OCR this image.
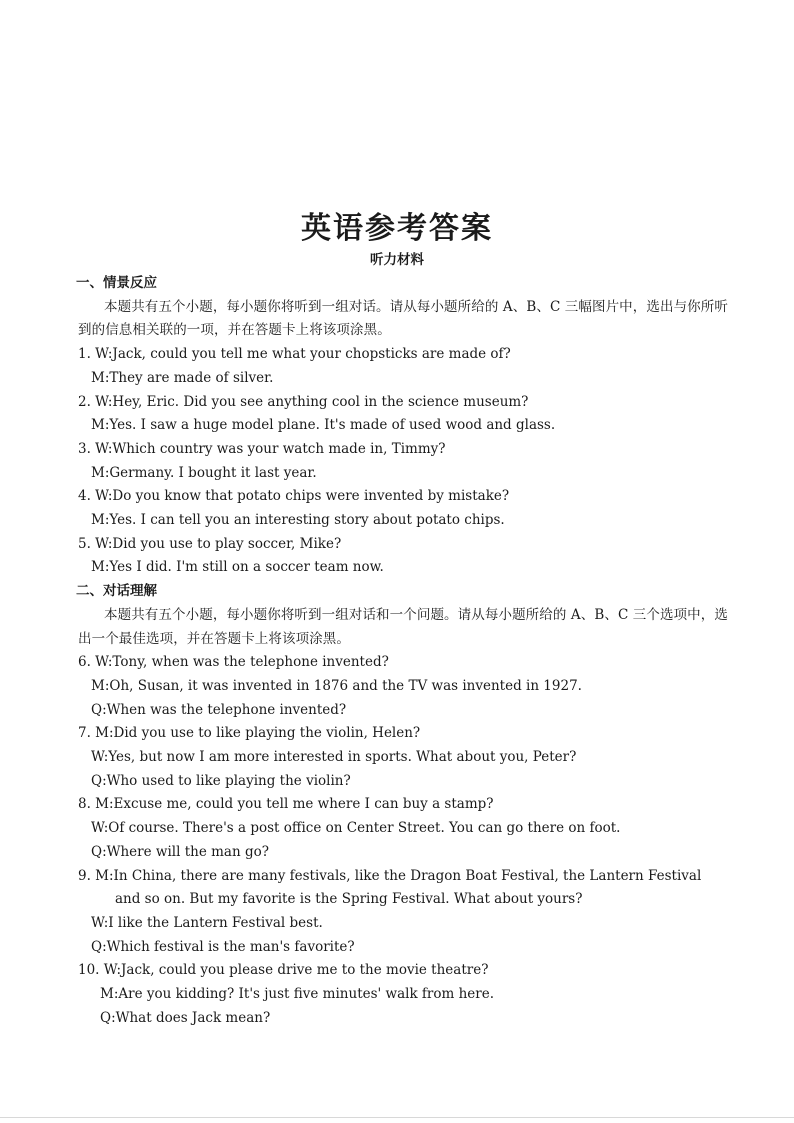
英语参考答案
听力材料
一、情景反应
本题共有五个小题，每小题你将听到一组对话。请从每小题所给的 A、B、C 三幅图片中，选出与你所听到的信息相关联的一项，并在答题卡上将该项涂黑。
1. W:Jack, could you tell me what your chopsticks are made of?
M:They are made of silver.
2. W:Hey, Eric. Did you see anything cool in the science museum?
M:Yes. I saw a huge model plane. It's made of used wood and glass.
3. W:Which country was your watch made in, Timmy?
M:Germany. I bought it last year.
4. W:Do you know that potato chips were invented by mistake?
M:Yes. I can tell you an interesting story about potato chips.
5. W:Did you use to play soccer, Mike?
M:Yes I did. I'm still on a soccer team now.
二、对话理解
本题共有五个小题，每小题你将听到一组对话和一个问题。请从每小题所给的 A、B、C 三个选项中，选出一个最佳选项，并在答题卡上将该项涂黑。
6. W:Tony, when was the telephone invented?
M:Oh, Susan, it was invented in 1876 and the TV was invented in 1927.
Q:When was the telephone invented?
7. M:Did you use to like playing the violin, Helen?
W:Yes, but now I am more interested in sports. What about you, Peter?
Q:Who used to like playing the violin?
8. M:Excuse me, could you tell me where I can buy a stamp?
W:Of course. There's a post office on Center Street. You can go there on foot.
Q:Where will the man go?
9. M:In China, there are many festivals, like the Dragon Boat Festival, the Lantern Festival
and so on. But my favorite is the Spring Festival. What about yours?
W:I like the Lantern Festival best.
Q:Which festival is the man's favorite?
10. W:Jack, could you please drive me to the movie theatre?
M:Are you kidding? It's just five minutes' walk from here.
Q:What does Jack mean?
